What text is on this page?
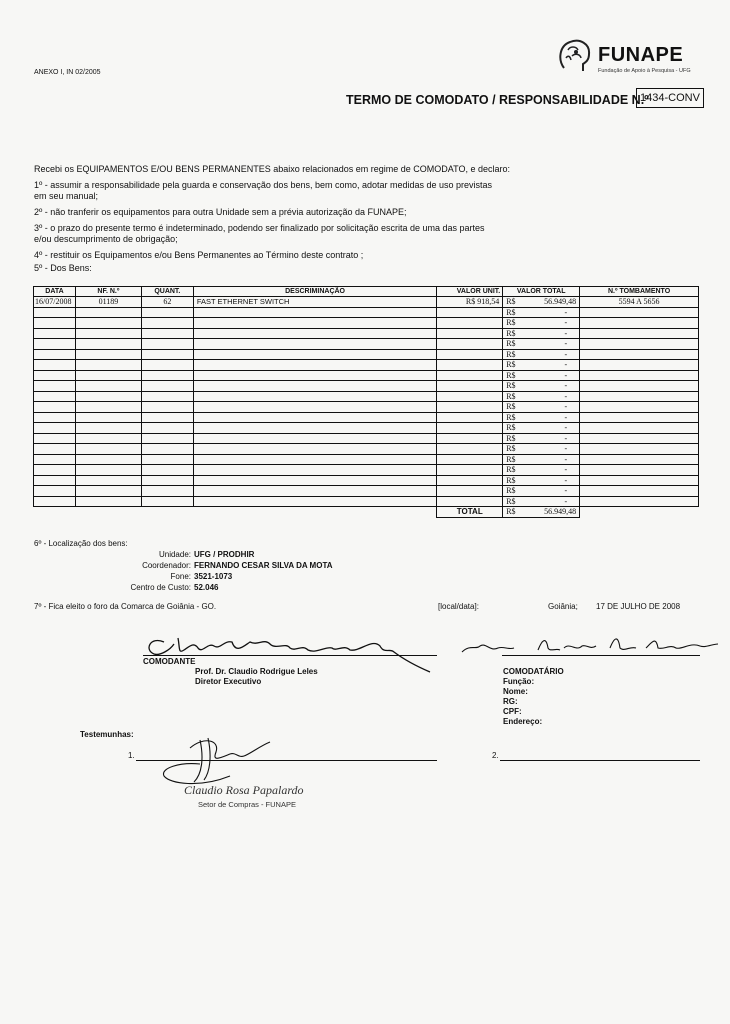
ANEXO I, IN 02/2005
FUNAPE
Fundação de Apoio à Pesquisa - UFG
TERMO DE COMODATO / RESPONSABILIDADE N.º
1434-CONV
Recebi os EQUIPAMENTOS E/OU BENS PERMANENTES abaixo relacionados em regime de COMODATO, e declaro:
1º - assumir a responsabilidade pela guarda e conservação dos bens, bem como, adotar medidas de uso previstas
em seu manual;
2º - não tranferir os equipamentos para outra Unidade sem a prévia autorização da FUNAPE;
3º - o prazo do presente termo é indeterminado, podendo ser finalizado por solicitação escrita de uma das partes
e/ou descumprimento de obrigação;
4º - restituir os Equipamentos e/ou Bens Permanentes ao Término deste contrato ;
5º - Dos Bens:
DATA	NF. N.º	QUANT.	DESCRIMINAÇÃO	VALOR UNIT.	VALOR TOTAL		N.º TOMBAMENTO
16/07/2008	01189	62	FAST ETHERNET SWITCH	R$ 918,54	R$	56.949,48	5594 A 5656
					R$	-	
					R$	-	
					R$	-	
					R$	-	
					R$	-	
					R$	-	
					R$	-	
					R$	-	
					R$	-	
					R$	-	
					R$	-	
					R$	-	
					R$	-	
					R$	-	
					R$	-	
					R$	-	
					R$	-	
					R$	-	
					R$	-	
				TOTAL	R$	56.949,48	
6º - Localização dos bens:
Unidade: UFG / PRODHIR
Coordenador: FERNANDO CESAR SILVA DA MOTA
Fone: 3521-1073
Centro de Custo: 52.046
7º - Fica eleito o foro da Comarca de Goiânia - GO.	[local/data]:	Goiânia; 17 DE JULHO DE 2008
COMODANTE
Prof. Dr. Claudio Rodrigue Leles
Diretor Executivo
COMODATÁRIO
Função:
Nome:
RG:
CPF:
Endereço:
Testemunhas:
1.	2.
Claudio Rosa Papalardo
Setor de Compras - FUNAPE
